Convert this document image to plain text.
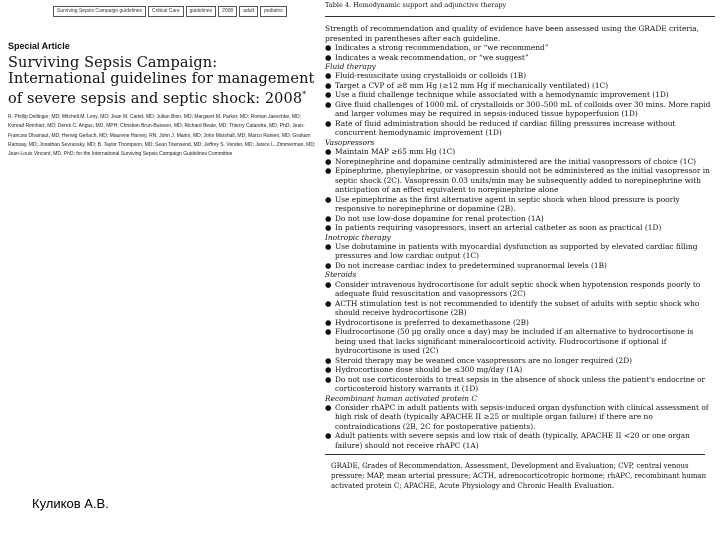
Surviving Sepsis Campaign guidelines	Critical Care	guidelines	2008	adult	pediatric
Special Article
Surviving Sepsis Campaign: International guidelines for management of severe sepsis and septic shock: 2008*
R. Phillip Dellinger, MD; Mitchell M. Levy, MD; Jean M. Carlet, MD; Julian Bion, MD; Margaret M. Parker, MD; Roman Jaeschke, MD; Konrad Reinhart, MD; Derek C. Angus, MD, MPH; Christian Brun-Buisson, MD; Richard Beale, MD; Thierry Calandra, MD, PhD; Jean-Francois Dhainaut, MD; Herwig Gerlach, MD; Maurene Harvey, RN; John J. Marini, MD; John Marshall, MD; Marco Ranieri, MD; Graham Ramsay, MD; Jonathan Sevransky, MD; B. Taylor Thompson, MD; Sean Townsend, MD; Jeffrey S. Vender, MD; Janice L. Zimmerman, MD; Jean-Louis Vincent, MD, PhD; for the International Surviving Sepsis Campaign Guidelines Committee
Куликов А.В.
Table 4. Hemodynamic support and adjunctive therapy
Strength of recommendation and quality of evidence have been assessed using the GRADE criteria, presented in parentheses after each guideline.
● Indicates a strong recommendation, or “we recommend”
● Indicates a weak recommendation, or “we suggest”
Fluid therapy
● Fluid-resuscitate using crystalloids or colloids (1B)
● Target a CVP of ≥8 mm Hg (≥12 mm Hg if mechanically ventilated) (1C)
● Use a fluid challenge technique while associated with a hemodynamic improvement (1D)
● Give fluid challenges of 1000 mL of crystalloids or 300–500 mL of colloids over 30 mins. More rapid and larger volumes may be required in sepsis-induced tissue hypoperfusion (1D)
● Rate of fluid administration should be reduced if cardiac filling pressures increase without concurrent hemodynamic improvement (1D)
Vasopressors
● Maintain MAP ≥65 mm Hg (1C)
● Norepinephrine and dopamine centrally administered are the initial vasopressors of choice (1C)
● Epinephrine, phenylephrine, or vasopressin should not be administered as the initial vasopressor in septic shock (2C). Vasopressin 0.03 units/min may be subsequently added to norepinephrine with anticipation of an effect equivalent to norepinephrine alone
● Use epinephrine as the first alternative agent in septic shock when blood pressure is poorly responsive to norepinephrine or dopamine (2B).
● Do not use low-dose dopamine for renal protection (1A)
● In patients requiring vasopressors, insert an arterial catheter as soon as practical (1D)
Inotropic therapy
● Use dobutamine in patients with myocardial dysfunction as supported by elevated cardiac filling pressures and low cardiac output (1C)
● Do not increase cardiac index to predetermined supranormal levels (1B)
Steroids
● Consider intravenous hydrocortisone for adult septic shock when hypotension responds poorly to adequate fluid resuscitation and vasopressors (2C)
● ACTH stimulation test is not recommended to identify the subset of adults with septic shock who should receive hydrocortisone (2B)
● Hydrocortisone is preferred to dexamethasone (2B)
● Fludrocortisone (50 µg orally once a day) may be included if an alternative to hydrocortisone is being used that lacks significant mineralocorticoid activity. Fludrocortisone if optional if hydrocortisone is used (2C)
● Steroid therapy may be weaned once vasopressors are no longer required (2D)
● Hydrocortisone dose should be ≤300 mg/day (1A)
● Do not use corticosteroids to treat sepsis in the absence of shock unless the patient's endocrine or corticosteroid history warrants it (1D)
Recombinant human activated protein C
● Consider rhAPC in adult patients with sepsis-induced organ dysfunction with clinical assessment of high risk of death (typically APACHE II ≥25 or multiple organ failure) if there are no contraindications (2B, 2C for postoperative patients).
● Adult patients with severe sepsis and low risk of death (typically, APACHE II <20 or one organ failure) should not receive rhAPC (1A)
GRADE, Grades of Recommendation, Assessment, Development and Evaluation; CVP, central venous pressure; MAP, mean arterial pressure; ACTH, adrenocorticotropic hormone; rhAPC, recombinant human activated protein C; APACHE, Acute Physiology and Chronic Health Evaluation.
